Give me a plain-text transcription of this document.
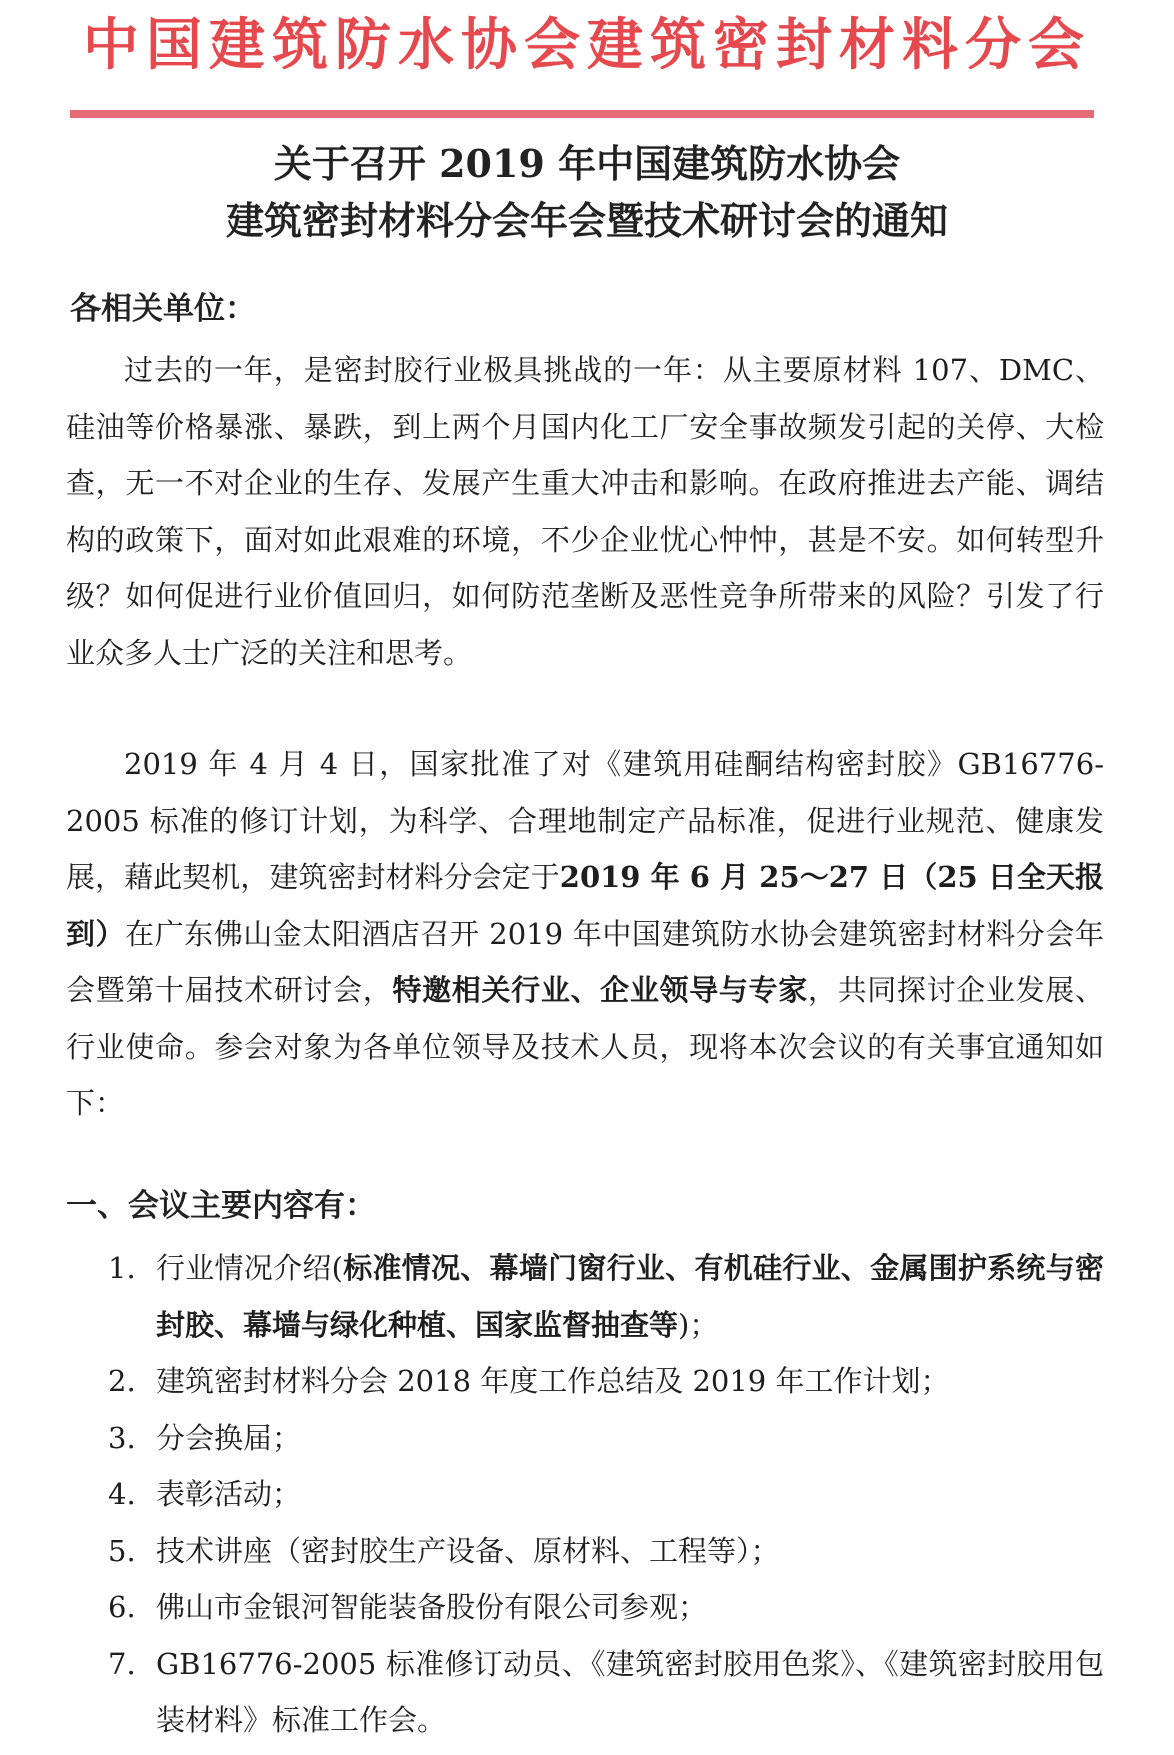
中国建筑防水协会建筑密封材料分会
关于召开 2019 年中国建筑防水协会
建筑密封材料分会年会暨技术研讨会的通知
各相关单位：
过去的一年，是密封胶行业极具挑战的一年：从主要原材料 107、DMC、硅油等价格暴涨、暴跌，到上两个月国内化工厂安全事故频发引起的关停、大检查，无一不对企业的生存、发展产生重大冲击和影响。在政府推进去产能、调结构的政策下，面对如此艰难的环境，不少企业忧心忡忡，甚是不安。如何转型升级？如何促进行业价值回归，如何防范垄断及恶性竞争所带来的风险？引发了行业众多人士广泛的关注和思考。
2019 年 4 月 4 日，国家批准了对《建筑用硅酮结构密封胶》GB16776-2005 标准的修订计划，为科学、合理地制定产品标准，促进行业规范、健康发展，藉此契机，建筑密封材料分会定于2019 年 6 月 25～27 日（25 日全天报到）在广东佛山金太阳酒店召开 2019 年中国建筑防水协会建筑密封材料分会年会暨第十届技术研讨会，特邀相关行业、企业领导与专家，共同探讨企业发展、行业使命。参会对象为各单位领导及技术人员，现将本次会议的有关事宜通知如下：
一、会议主要内容有：
1. 行业情况介绍(标准情况、幕墙门窗行业、有机硅行业、金属围护系统与密封胶、幕墙与绿化种植、国家监督抽查等)；
2. 建筑密封材料分会 2018 年度工作总结及 2019 年工作计划；
3. 分会换届；
4. 表彰活动；
5. 技术讲座（密封胶生产设备、原材料、工程等）；
6. 佛山市金银河智能装备股份有限公司参观；
7. GB16776-2005 标准修订动员、《建筑密封胶用色浆》、《建筑密封胶用包装材料》标准工作会。
